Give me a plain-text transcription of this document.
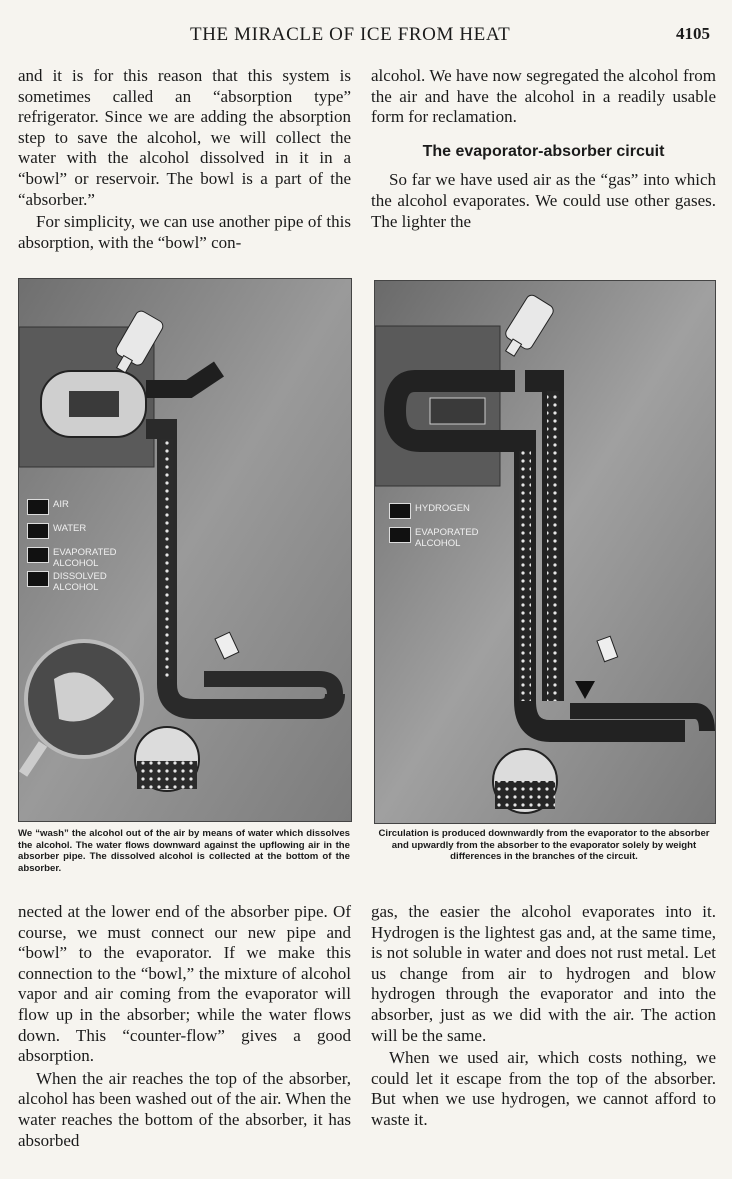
THE MIRACLE OF ICE FROM HEAT	4105

and it is for this reason that this system is sometimes called an “absorption type” refrigerator. Since we are adding the absorption step to save the alcohol, we will collect the water with the alcohol dissolved in it in a “bowl” or reservoir. The bowl is a part of the “absorber.”

For simplicity, we can use another pipe of this absorption, with the “bowl” con-

alcohol. We have now segregated the alcohol from the air and have the alcohol in a readily usable form for reclamation.

The evaporator-absorber circuit

So far we have used air as the “gas” into which the alcohol evaporates. We could use other gases. The lighter the

AIR
WATER
EVAPORATED ALCOHOL
DISSOLVED ALCOHOL
We “wash” the alcohol out of the air by means of water which dissolves the alcohol. The water flows downward against the upflowing air in the absorber pipe. The dissolved alcohol is collected at the bottom of the absorber.
HYDROGEN
EVAPORATED ALCOHOL
Circulation is produced downwardly from the evaporator to the absorber and upwardly from the absorber to the evaporator solely by weight differences in the branches of the circuit.

nected at the lower end of the absorber pipe. Of course, we must connect our new pipe and “bowl” to the evaporator. If we make this connection to the “bowl,” the mixture of alcohol vapor and air coming from the evaporator will flow up in the absorber; while the water flows down. This “counter-flow” gives a good absorption.

When the air reaches the top of the absorber, alcohol has been washed out of the air. When the water reaches the bottom of the absorber, it has absorbed

gas, the easier the alcohol evaporates into it. Hydrogen is the lightest gas and, at the same time, is not soluble in water and does not rust metal. Let us change from air to hydrogen and blow hydrogen through the evaporator and into the absorber, just as we did with the air. The action will be the same.

When we used air, which costs nothing, we could let it escape from the top of the absorber. But when we use hydrogen, we cannot afford to waste it.
